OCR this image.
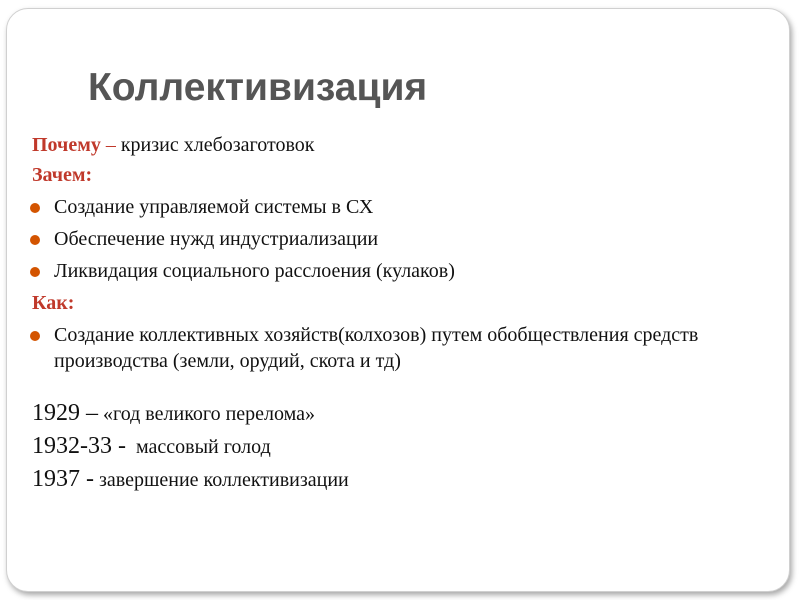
Коллективизация
Почему – кризис хлебозаготовок
Зачем:
Создание управляемой системы в СХ
Обеспечение нужд индустриализации
Ликвидация социального расслоения (кулаков)
Как:
Создание коллективных хозяйств(колхозов) путем обобществления средств производства (земли, орудий, скота и тд)
1929 – «год великого перелома»
1932-33 -  массовый голод
1937 - завершение коллективизации
